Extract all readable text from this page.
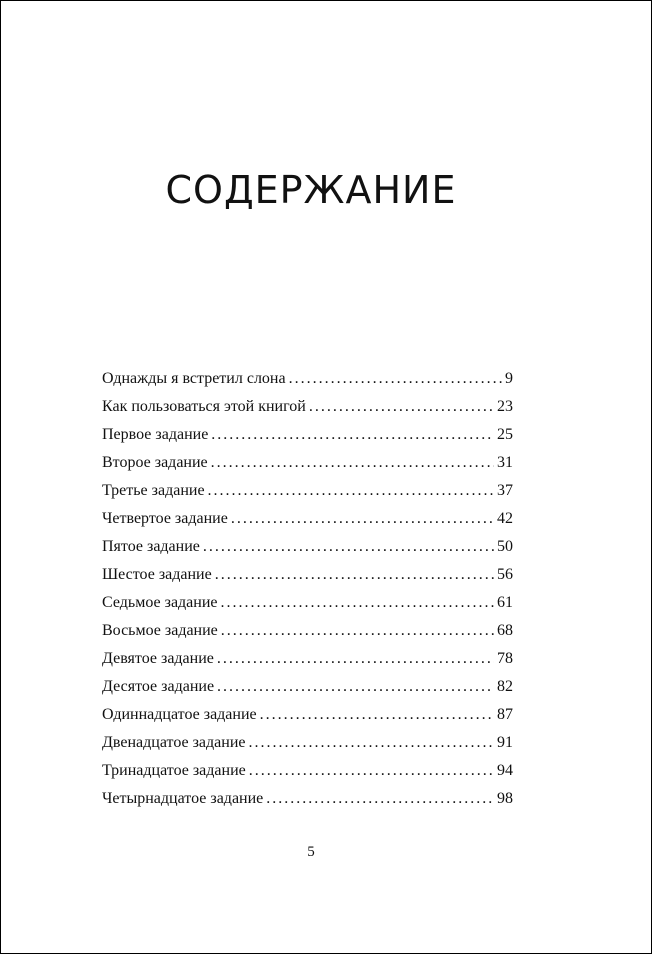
СОДЕРЖАНИЕ
Однажды я встретил слона . . .	9
Как пользоваться этой книгой . . .	23
Первое задание . . .	25
Второе задание . . .	31
Третье задание . . .	37
Четвертое задание . . .	42
Пятое задание . . .	50
Шестое задание . . .	56
Седьмое задание . . .	61
Восьмое задание . . .	68
Девятое задание . . .	78
Десятое задание . . .	82
Одиннадцатое задание . . .	87
Двенадцатое задание . . .	91
Тринадцатое задание . . .	94
Четырнадцатое задание . . .	98
5
